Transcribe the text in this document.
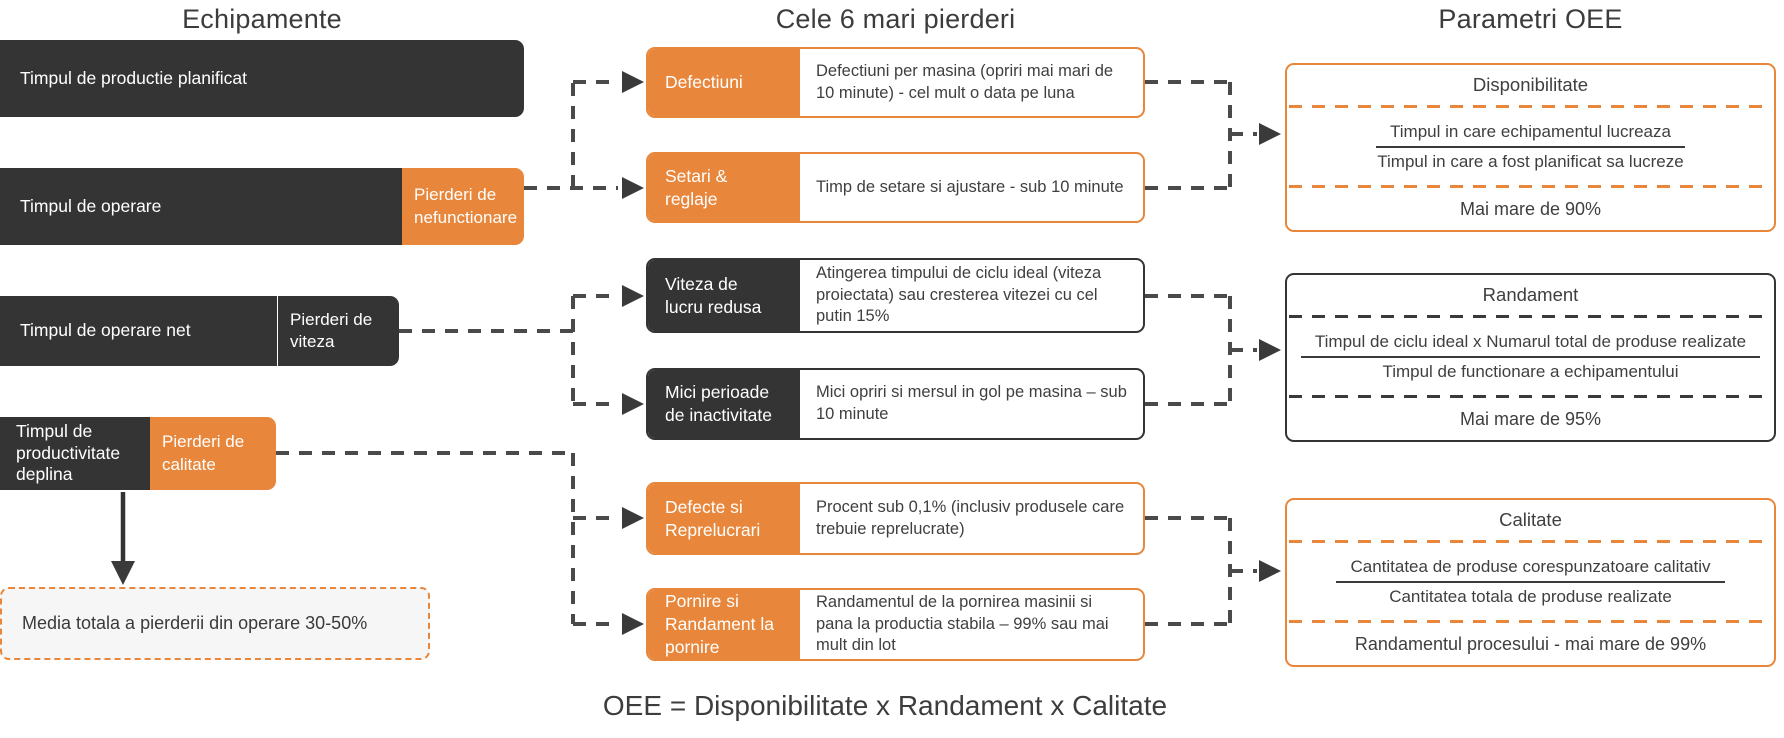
Echipamente	Cele 6 mari pierderi	Parametri OEE
Timpul de productie planificat
Timpul de operare
Pierderi de nefunctionare
Timpul de operare net
Pierderi de viteza
Timpul de productivitate deplina
Pierderi de calitate
Media totala a pierderii din operare 30-50%
Defectiuni
Defectiuni per masina (opriri mai mari de 10 minute) - cel mult o data pe luna
Setari & reglaje
Timp de setare si ajustare - sub 10 minute
Viteza de lucru redusa
Atingerea timpului de ciclu ideal (viteza proiectata) sau cresterea vitezei cu cel putin 15%
Mici perioade de inactivitate
Mici opriri si mersul in gol pe masina – sub 10 minute
Defecte si Reprelucrari
Procent sub 0,1% (inclusiv produsele care trebuie reprelucrate)
Pornire si Randament la pornire
Randamentul de la pornirea masinii si pana la productia stabila – 99% sau mai mult din lot
Disponibilitate
$\frac{\text{Timpul in care echipamentul lucreaza}}{\text{Timpul in care a fost planificat sa lucreze}}$
Mai mare de 90%
Randament
$\frac{\text{Timpul de ciclu ideal x Numarul total de produse realizate}}{\text{Timpul de functionare a echipamentului}}$
Mai mare de 95%
Calitate
$\frac{\text{Cantitatea de produse corespunzatoare calitativ}}{\text{Cantitatea totala de produse realizate}}$
Randamentul procesului - mai mare de 99%
OEE = Disponibilitate x Randament x Calitate
